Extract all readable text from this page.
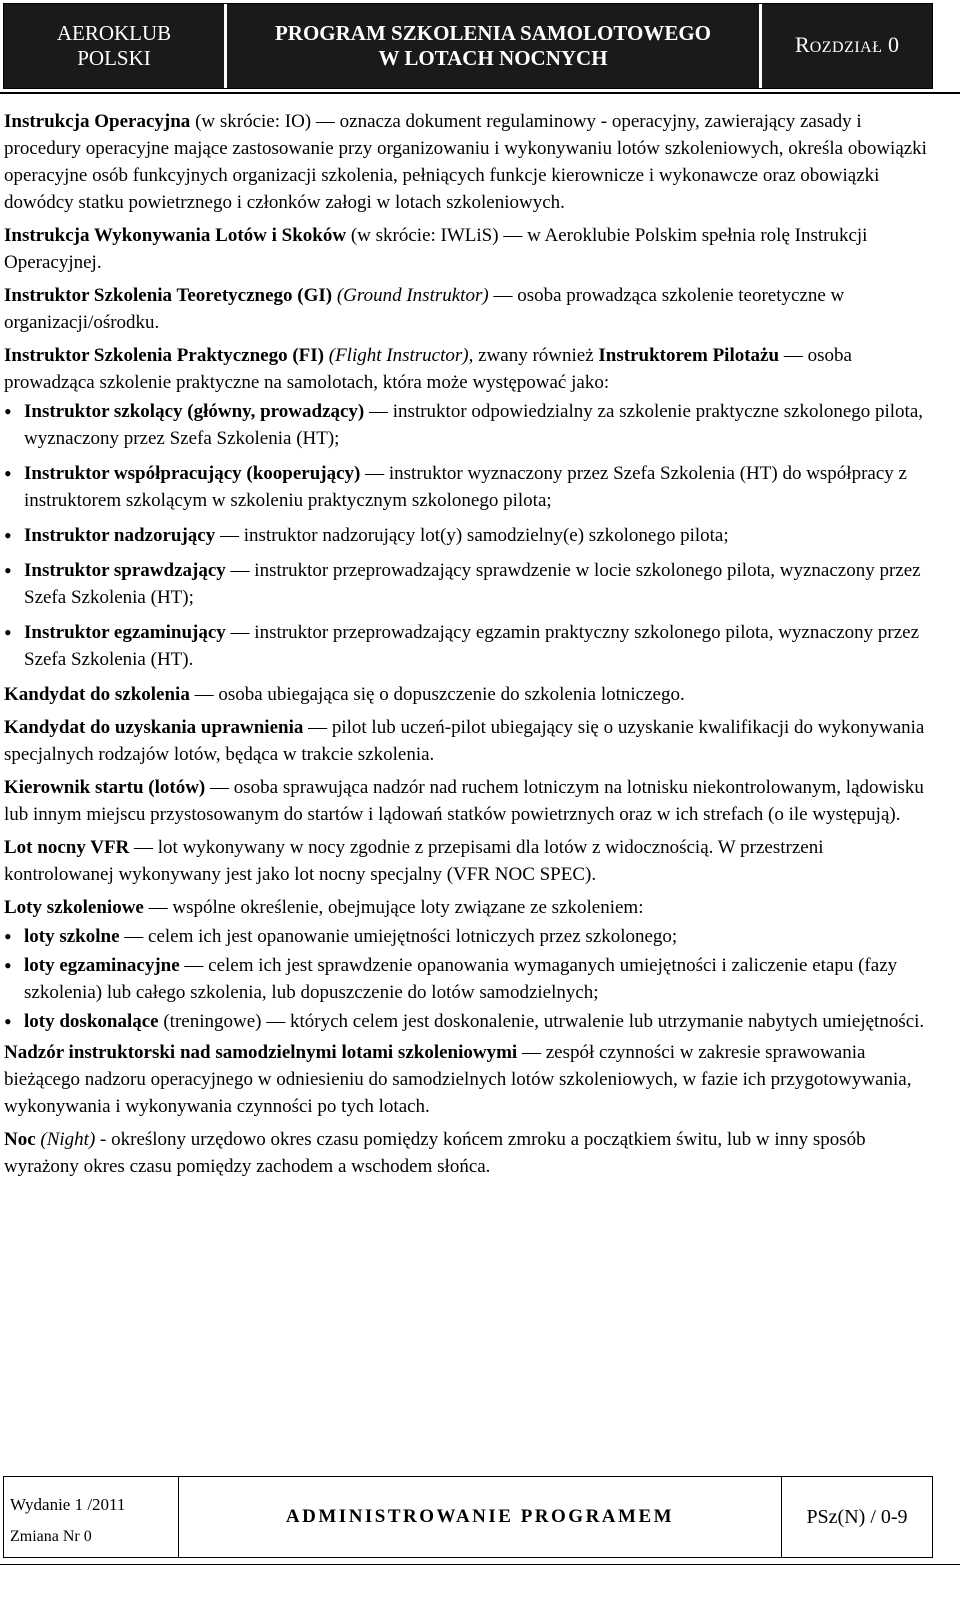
AEROKLUB
POLSKI
PROGRAM SZKOLENIA SAMOLOTOWEGO
W LOTACH NOCNYCH
ROZDZIAŁ 0

Instrukcja Operacyjna (w skrócie: IO) — oznacza dokument regulaminowy - operacyjny, zawierający zasady i procedury operacyjne mające zastosowanie przy organizowaniu i wykonywaniu lotów szkoleniowych, określa obowiązki operacyjne osób funkcyjnych organizacji szkolenia, pełniących funkcje kierownicze i wykonawcze oraz obowiązki dowódcy statku powietrznego i członków załogi w lotach szkoleniowych.

Instrukcja Wykonywania Lotów i Skoków (w skrócie: IWLiS) — w Aeroklubie Polskim spełnia rolę Instrukcji Operacyjnej.

Instruktor Szkolenia Teoretycznego (GI) (Ground Instruktor) — osoba prowadząca szkolenie teoretyczne w organizacji/ośrodku.

Instruktor Szkolenia Praktycznego (FI) (Flight Instructor), zwany również Instruktorem Pilotażu — osoba prowadząca szkolenie praktyczne na samolotach, która może występować jako:

• Instruktor szkolący (główny, prowadzący) — instruktor odpowiedzialny za szkolenie praktyczne szkolonego pilota, wyznaczony przez Szefa Szkolenia (HT);
• Instruktor współpracujący (kooperujący) — instruktor wyznaczony przez Szefa Szkolenia (HT) do współpracy z instruktorem szkolącym w szkoleniu praktycznym szkolonego pilota;
• Instruktor nadzorujący — instruktor nadzorujący lot(y) samodzielny(e) szkolonego pilota;
• Instruktor sprawdzający — instruktor przeprowadzający sprawdzenie w locie szkolonego pilota, wyznaczony przez Szefa Szkolenia (HT);
• Instruktor egzaminujący — instruktor przeprowadzający egzamin praktyczny szkolonego pilota, wyznaczony przez Szefa Szkolenia (HT).

Kandydat do szkolenia — osoba ubiegająca się o dopuszczenie do szkolenia lotniczego.

Kandydat do uzyskania uprawnienia — pilot lub uczeń-pilot ubiegający się o uzyskanie kwalifikacji do wykonywania specjalnych rodzajów lotów, będąca w trakcie szkolenia.

Kierownik startu (lotów) — osoba sprawująca nadzór nad ruchem lotniczym na lotnisku niekontrolowanym, lądowisku lub innym miejscu przystosowanym do startów i lądowań statków powietrznych oraz w ich strefach (o ile występują).

Lot nocny VFR — lot wykonywany w nocy zgodnie z przepisami dla lotów z widocznością. W przestrzeni kontrolowanej wykonywany jest jako lot nocny specjalny (VFR NOC SPEC).

Loty szkoleniowe — wspólne określenie, obejmujące loty związane ze szkoleniem:

• loty szkolne — celem ich jest opanowanie umiejętności lotniczych przez szkolonego;
• loty egzaminacyjne — celem ich jest sprawdzenie opanowania wymaganych umiejętności i zaliczenie etapu (fazy szkolenia) lub całego szkolenia, lub dopuszczenie do lotów samodzielnych;
• loty doskonalące (treningowe) — których celem jest doskonalenie, utrwalenie lub utrzymanie nabytych umiejętności.

Nadzór instruktorski nad samodzielnymi lotami szkoleniowymi — zespół czynności w zakresie sprawowania bieżącego nadzoru operacyjnego w odniesieniu do samodzielnych lotów szkoleniowych, w fazie ich przygotowywania, wykonywania i wykonywania czynności po tych lotach.

Noc (Night) - określony urzędowo okres czasu pomiędzy końcem zmroku a początkiem świtu, lub w inny sposób wyrażony okres czasu pomiędzy zachodem a wschodem słońca.

Wydanie 1 /2011
Zmiana Nr 0
ADMINISTROWANIE PROGRAMEM	PSz(N) / 0-9
